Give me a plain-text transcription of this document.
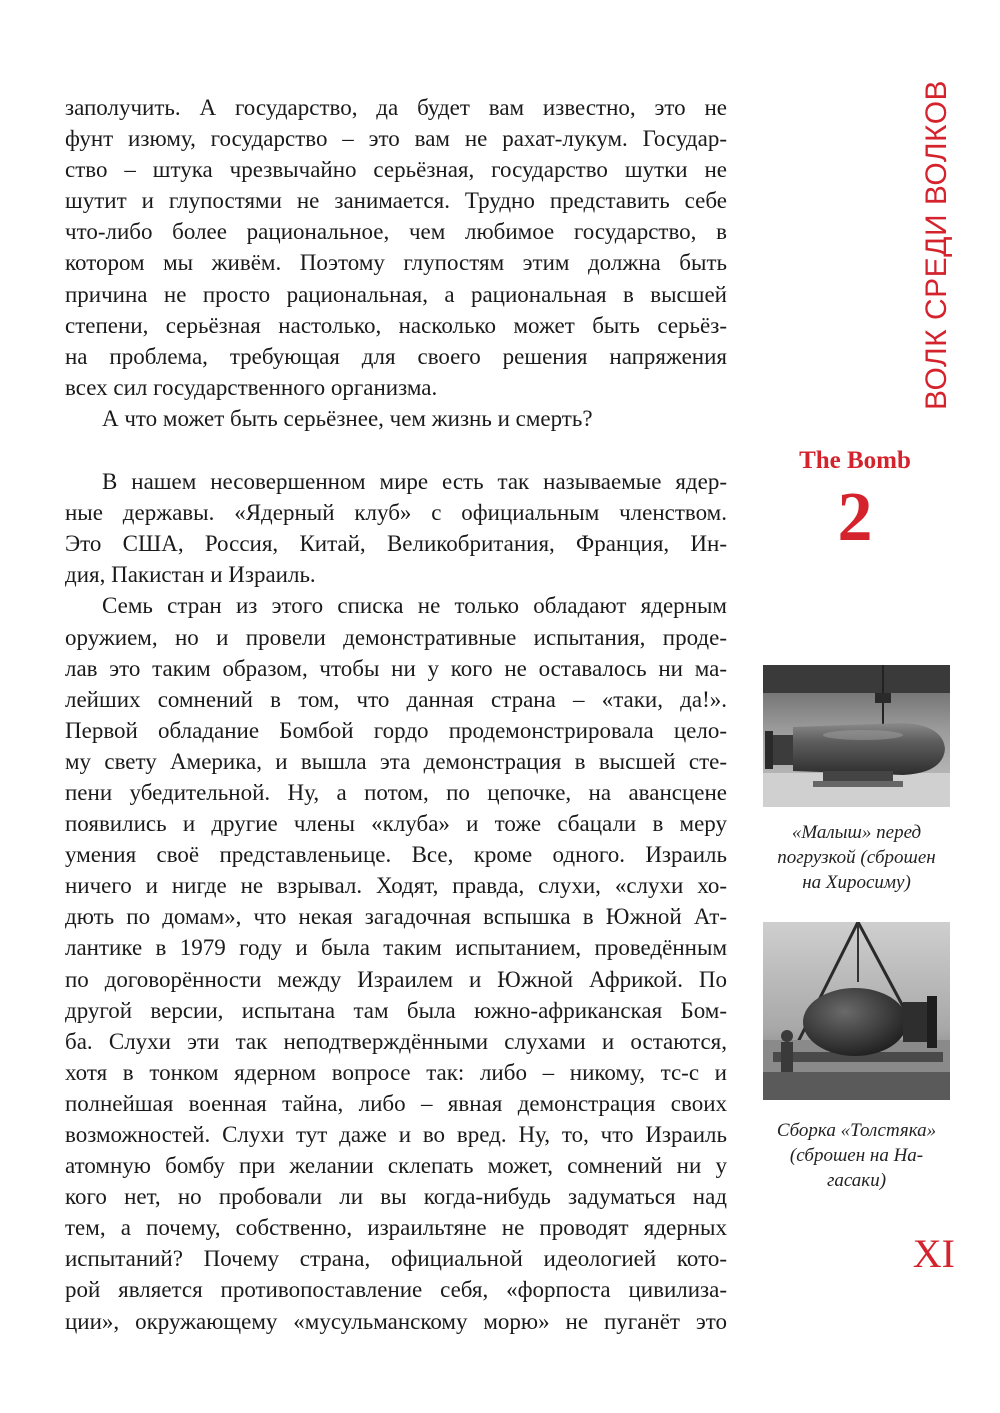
заполучить. А государство, да будет вам известно, это не

фунт изюму, государство – это вам не рахат-лукум. Государ-

ство – штука чрезвычайно серьёзная, государство шутки не

шутит и глупостями не занимается. Трудно представить себе

что-либо более рациональное, чем любимое государство, в

котором мы живём. Поэтому глупостям этим должна быть

причина не просто рациональная, а рациональная в высшей

степени, серьёзная настолько, насколько может быть серьёз-

на проблема, требующая для своего решения напряжения

всех сил государственного организма.

А что может быть серьёзнее, чем жизнь и смерть?

В нашем несовершенном мире есть так называемые ядер-

ные державы. «Ядерный клуб» с официальным членством.

Это США, Россия, Китай, Великобритания, Франция, Ин-

дия, Пакистан и Израиль.

Семь стран из этого списка не только обладают ядерным

оружием, но и провели демонстративные испытания, проде-

лав это таким образом, чтобы ни у кого не оставалось ни ма-

лейших сомнений в том, что данная страна – «таки, да!».

Первой обладание Бомбой гордо продемонстрировала цело-

му свету Америка, и вышла эта демонстрация в высшей сте-

пени убедительной. Ну, а потом, по цепочке, на авансцене

появились и другие члены «клуба» и тоже сбацали в меру

умения своё представленьице. Все, кроме одного. Израиль

ничего и нигде не взрывал. Ходят, правда, слухи, «слухи хо-

дють по домам», что некая загадочная вспышка в Южной Ат-

лантике в 1979 году и была таким испытанием, проведённым

по договорённости между Израилем и Южной Африкой. По

другой версии, испытана там была южно-африканская Бом-

ба. Слухи эти так неподтверждёнными слухами и остаются,

хотя в тонком ядерном вопросе так: либо – никому, тс-с и

полнейшая военная тайна, либо – явная демонстрация своих

возможностей. Слухи тут даже и во вред. Ну, то, что Израиль

атомную бомбу при желании склепать может, сомнений ни у

кого нет, но пробовали ли вы когда-нибудь задуматься над

тем, а почему, собственно, израильтяне не проводят ядерных

испытаний? Почему страна, официальной идеологией кото-

рой является противопоставление себя, «форпоста цивилиза-

ции», окружающему «мусульманскому морю» не пуганёт это

ВОЛК СРЕДИ ВОЛКОВ
The Bomb
2
«Малыш» перед
погрузкой (сброшен
на Хиросиму)
Сборка «Толстяка»
(сброшен на На-
гасаки)
XI
